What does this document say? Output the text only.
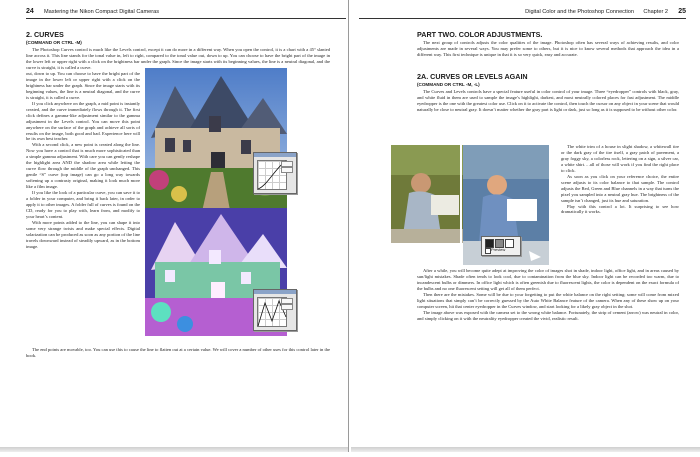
24 Mastering the Nikon Compact Digital Cameras
2. CURVES
(COMMAND OR CTRL -M)

The Photoshop Curves control is much like the Levels control, except it can do more in a different way. When you open the control, it is a chart with a 45° slanted line across it. This line stands for the tonal value in, left to right, compared to the tonal value out, down to up. You can choose to have the bright part of the image in the lower left or upper right with a click on the brightness bar under the graph. Since the image starts with its beginning values, the line is a neutral diagonal, and the curve is straight, it is called a curve.

out, down to up. You can choose to have the bright part of the image in the lower left or upper right with a click on the brightness bar under the graph. Since the image starts with its beginning values, the line is a neutral diagonal, and the curve is straight, it is called a curve.

If you click anywhere on the graph, a mid point is instantly created, and the curve immediately flows through it. The first click defines a gamma-like adjustment similar to the gamma adjustment in the Levels control. You can move this point anywhere on the surface of the graph and achieve all sorts of results on the image, both good and bad. Experience here will be its own best teacher.

With a second click, a new point is created along the line. Now you have a control that is much more sophisticated than a simple gamma adjustment. With care you can gently reshape the highlight area AND the shadow area while letting the curve flow through the middle of the graph unchanged. This gentle “S” curve (top image) can go a long way towards softening up a contrasty original, making it look much more like a film image.

If you like the look of a particular curve, you can save it to a folder in your computer, and bring it back later, in order to apply it to other images. A folder full of curves is found on the CD, ready for you to play with, learn from, and modify to your heart’s content.

With more points added to the line, you can shape it into some very strange twists and make special effects. Digital solarization can be produced as soon as any portion of the line travels downward instead of steadily upward, as in the bottom image.

The end points are movable, too. You can use this to cause the line to flatten out at a certain value. We will cover a number of other uses for this control later in the book.

Digital Color and the Photoshop Connection Chapter 2 25
PART TWO. COLOR ADJUSTMENTS.

The next group of controls adjusts the color qualities of the image. Photoshop often has several ways of achieving results, and color adjustments are made in several ways. You may prefer some to others, but it is nice to know several methods that approach the idea in a different way. This first technique is unique in that it is so very quick, easy and accurate.

2A. CURVES OR LEVELS AGAIN
(COMMAND OR CTRL -M, -L)

The Curves and Levels controls have a special feature useful in color control of your image. Three “eyedropper” controls with black, gray, and white fluid in them are used to sample the image’s highlight, darkest, and most neutrally colored places for fast adjustment. The middle eyedropper is the one with the greatest color use. Click on it to activate the control, then touch the cursor on any object in your scene that would naturally be close to neutral gray. It doesn’t matter whether the gray part is light or dark, just so long as it is supposed to be without other color.

Preview

The white trim of a house in slight shadow, a whitewall tire or the dark gray of the tire itself, a gray patch of pavement, a gray foggy sky, a colorless rock, lettering on a sign, a silver car, a white shirt….all of those will work if you find the right place to click.

As soon as you click on your reference choice, the entire scene adjusts to its color balance to that sample. The control adjusts the Red, Green and Blue channels in a way that turns the pixel you sampled into a neutral gray hue. The brightness of the sample isn’t changed, just its hue and saturation.

Play with this control a lot. It surprising to see how dramatically it works.

After a while, you will become quite adept at improving the color of images shot in shade, indoor light, office light, and in areas caused by sun/light mistakes. Shade often tends to look cool, due to contamination from the blue sky. Indoor light can be recorded too warm, due to incandescent bulbs or dimmers. In office light which is often greenish due to fluorescent lights, the color is dependent on the exact formula of the bulbs and no one fluorescent setting will get all of them perfect.

Then there are the mistakes. Some will be due to your forgetting to put the white balance on the right setting; some will come from mixed light situations that simply can’t be correctly guessed by the Auto White Balance feature of the camera. When any of these show up on your computer screen, hit that center eyedropper in the Curves window, and start looking for a likely gray object in the shot.

The image above was exposed with the camera set to the wrong white balance. Fortunately, the strip of cement (arrow) was neutral in color, and simply clicking on it with the neutrality eyedropper created the vivid, realistic result.
